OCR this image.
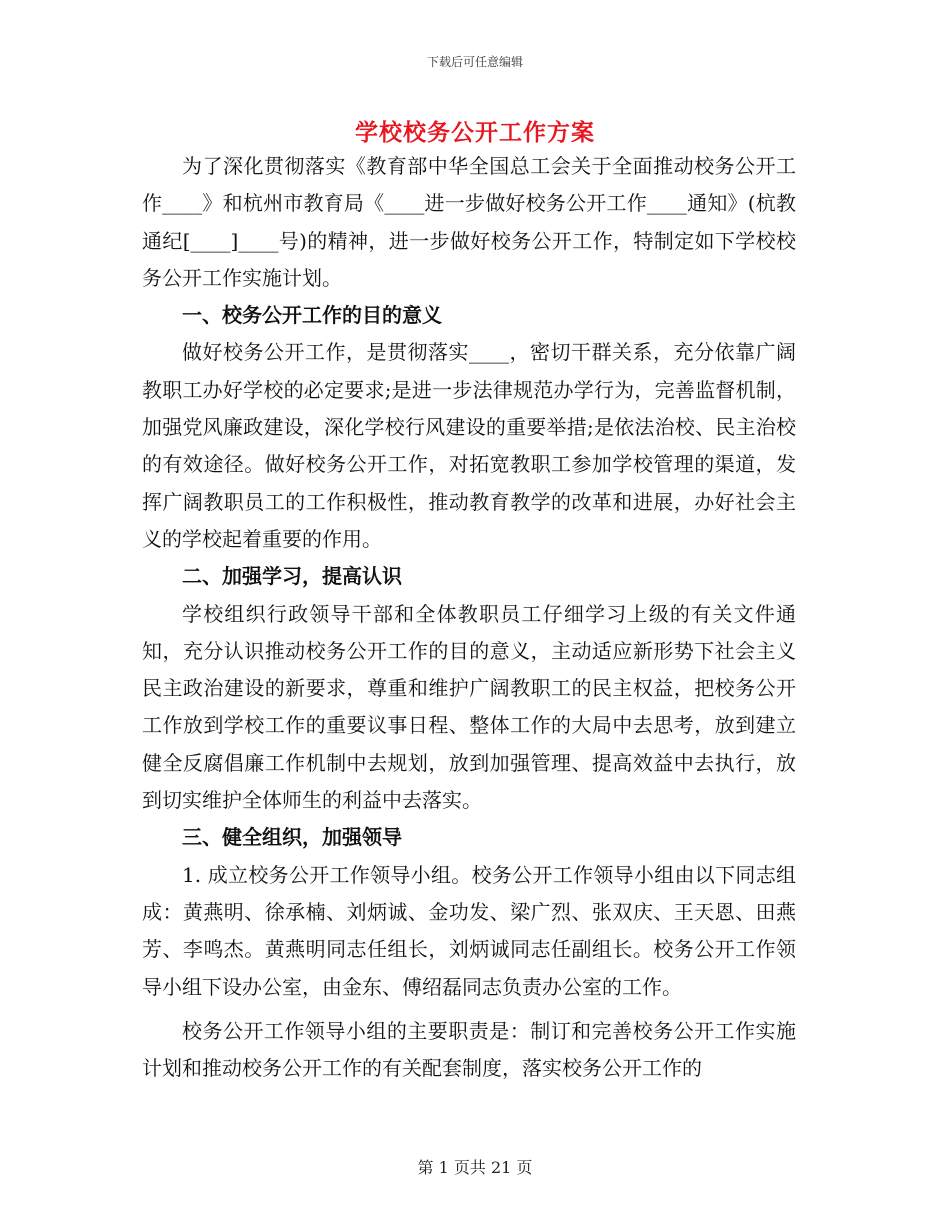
下载后可任意编辑
学校校务公开工作方案

为了深化贯彻落实《教育部中华全国总工会关于全面推动校务公开工作____》和杭州市教育局《____进一步做好校务公开工作____通知》(杭教通纪[____]____号)的精神，进一步做好校务公开工作，特制定如下学校校务公开工作实施计划。

一、校务公开工作的目的意义

做好校务公开工作，是贯彻落实____，密切干群关系，充分依靠广阔教职工办好学校的必定要求;是进一步法律规范办学行为，完善监督机制，加强党风廉政建设，深化学校行风建设的重要举措;是依法治校、民主治校的有效途径。做好校务公开工作，对拓宽教职工参加学校管理的渠道，发挥广阔教职员工的工作积极性，推动教育教学的改革和进展，办好社会主义的学校起着重要的作用。

二、加强学习，提高认识

学校组织行政领导干部和全体教职员工仔细学习上级的有关文件通知，充分认识推动校务公开工作的目的意义，主动适应新形势下社会主义民主政治建设的新要求，尊重和维护广阔教职工的民主权益，把校务公开工作放到学校工作的重要议事日程、整体工作的大局中去思考，放到建立健全反腐倡廉工作机制中去规划，放到加强管理、提高效益中去执行，放到切实维护全体师生的利益中去落实。

三、健全组织，加强领导

1. 成立校务公开工作领导小组。校务公开工作领导小组由以下同志组成：黄燕明、徐承楠、刘炳诚、金功发、梁广烈、张双庆、王天恩、田燕芳、李鸣杰。黄燕明同志任组长，刘炳诚同志任副组长。校务公开工作领导小组下设办公室，由金东、傅绍磊同志负责办公室的工作。

校务公开工作领导小组的主要职责是：制订和完善校务公开工作实施计划和推动校务公开工作的有关配套制度，落实校务公开工作的

第 1 页共 21 页
